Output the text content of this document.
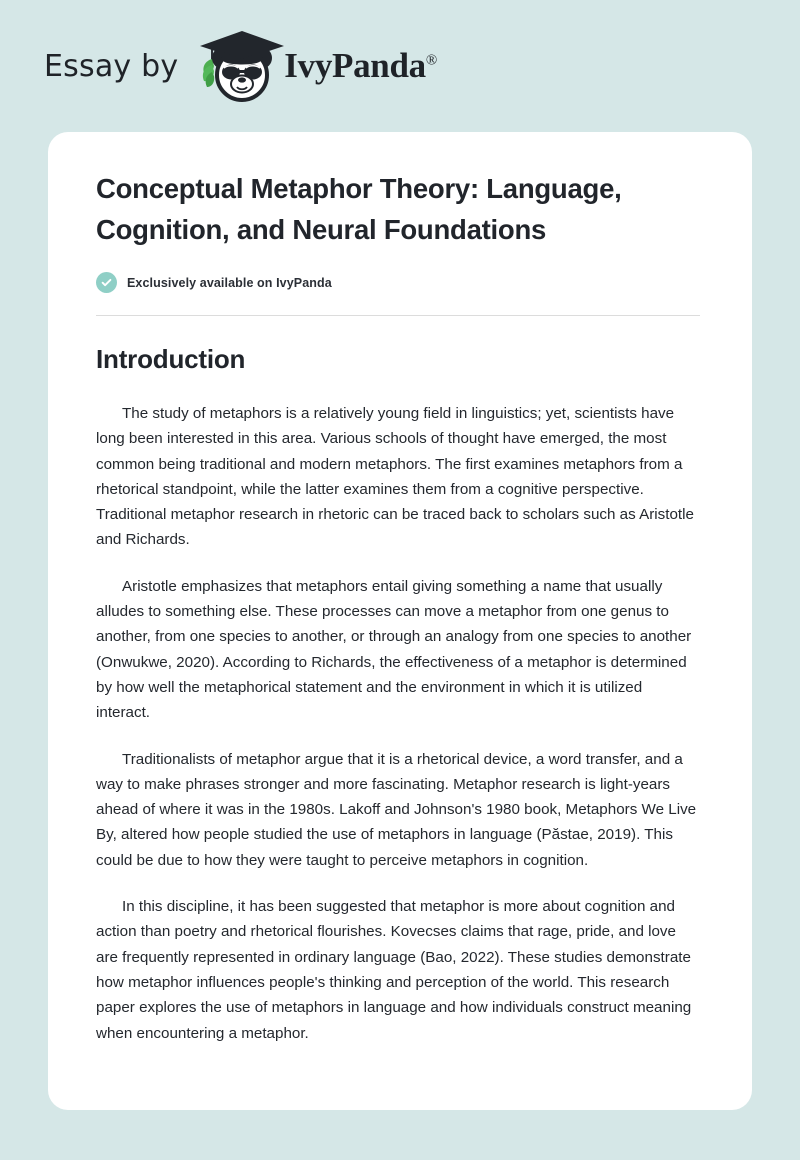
Essay by	IvyPanda®
Conceptual Metaphor Theory: Language, Cognition, and Neural Foundations
Exclusively available on IvyPanda
Introduction

The study of metaphors is a relatively young field in linguistics; yet, scientists have long been interested in this area. Various schools of thought have emerged, the most common being traditional and modern metaphors. The first examines metaphors from a rhetorical standpoint, while the latter examines them from a cognitive perspective. Traditional metaphor research in rhetoric can be traced back to scholars such as Aristotle and Richards.

Aristotle emphasizes that metaphors entail giving something a name that usually alludes to something else. These processes can move a metaphor from one genus to another, from one species to another, or through an analogy from one species to another (Onwukwe, 2020). According to Richards, the effectiveness of a metaphor is determined by how well the metaphorical statement and the environment in which it is utilized interact.

Traditionalists of metaphor argue that it is a rhetorical device, a word transfer, and a way to make phrases stronger and more fascinating. Metaphor research is light-years ahead of where it was in the 1980s. Lakoff and Johnson's 1980 book, Metaphors We Live By, altered how people studied the use of metaphors in language (Păstae, 2019). This could be due to how they were taught to perceive metaphors in cognition.

In this discipline, it has been suggested that metaphor is more about cognition and action than poetry and rhetorical flourishes. Kovecses claims that rage, pride, and love are frequently represented in ordinary language (Bao, 2022). These studies demonstrate how metaphor influences people's thinking and perception of the world. This research paper explores the use of metaphors in language and how individuals construct meaning when encountering a metaphor.
